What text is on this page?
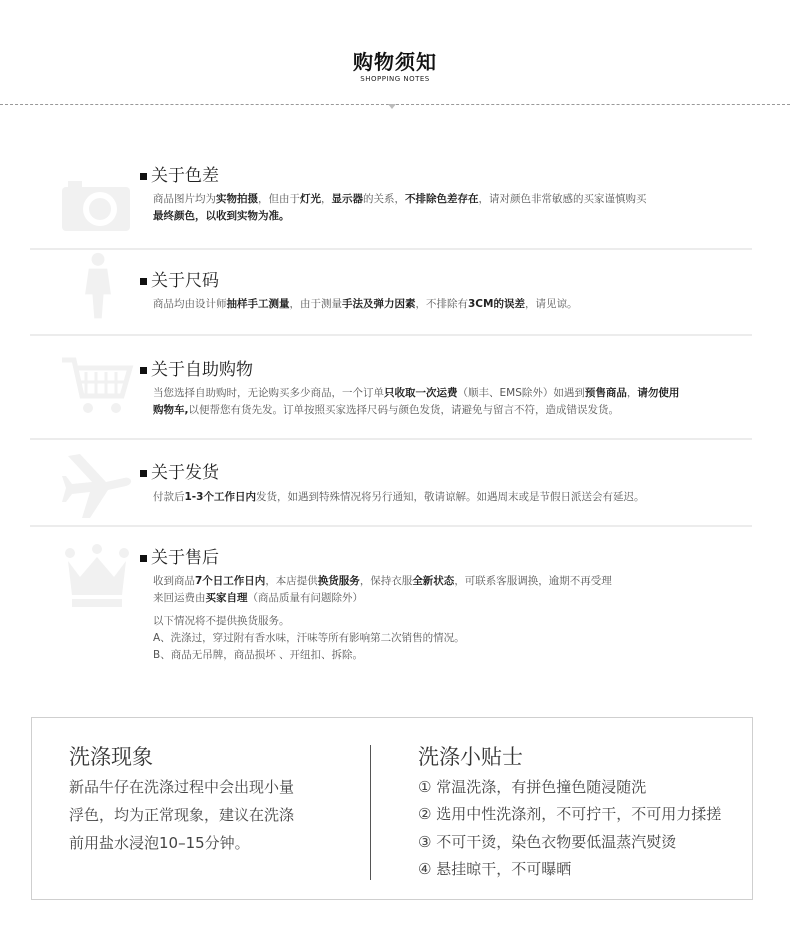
购物须知
SHOPPING NOTES
关于色差
商品图片均为实物拍摄，但由于灯光，显示器的关系，不排除色差存在，请对颜色非常敏感的买家谨慎购买
最终颜色，以收到实物为准。
关于尺码
商品均由设计师抽样手工测量，由于测量手法及弹力因素，不排除有3CM的误差，请见谅。
关于自助购物
当您选择自助购时，无论购买多少商品，一个订单只收取一次运费（顺丰、EMS除外）如遇到预售商品，请勿使用
购物车,以便帮您有货先发。订单按照买家选择尺码与颜色发货，请避免与留言不符，造成错误发货。
关于发货
付款后1-3个工作日内发货，如遇到特殊情况将另行通知，敬请谅解。如遇周末或是节假日派送会有延迟。
关于售后
收到商品7个日工作日内，本店提供换货服务，保持衣服全新状态，可联系客服调换，逾期不再受理
来回运费由买家自理（商品质量有问题除外）
以下情况将不提供换货服务。
A、洗涤过，穿过附有香水味，汗味等所有影响第二次销售的情况。
B、商品无吊牌，商品损坏 、开纽扣、拆除。
洗涤现象
新品牛仔在洗涤过程中会出现小量
浮色，均为正常现象，建议在洗涤
前用盐水浸泡10–15分钟。
洗涤小贴士
① 常温洗涤，有拼色撞色随浸随洗
② 选用中性洗涤剂，不可拧干，不可用力揉搓
③ 不可干烫，染色衣物要低温蒸汽熨烫
④ 悬挂晾干，不可曝晒
